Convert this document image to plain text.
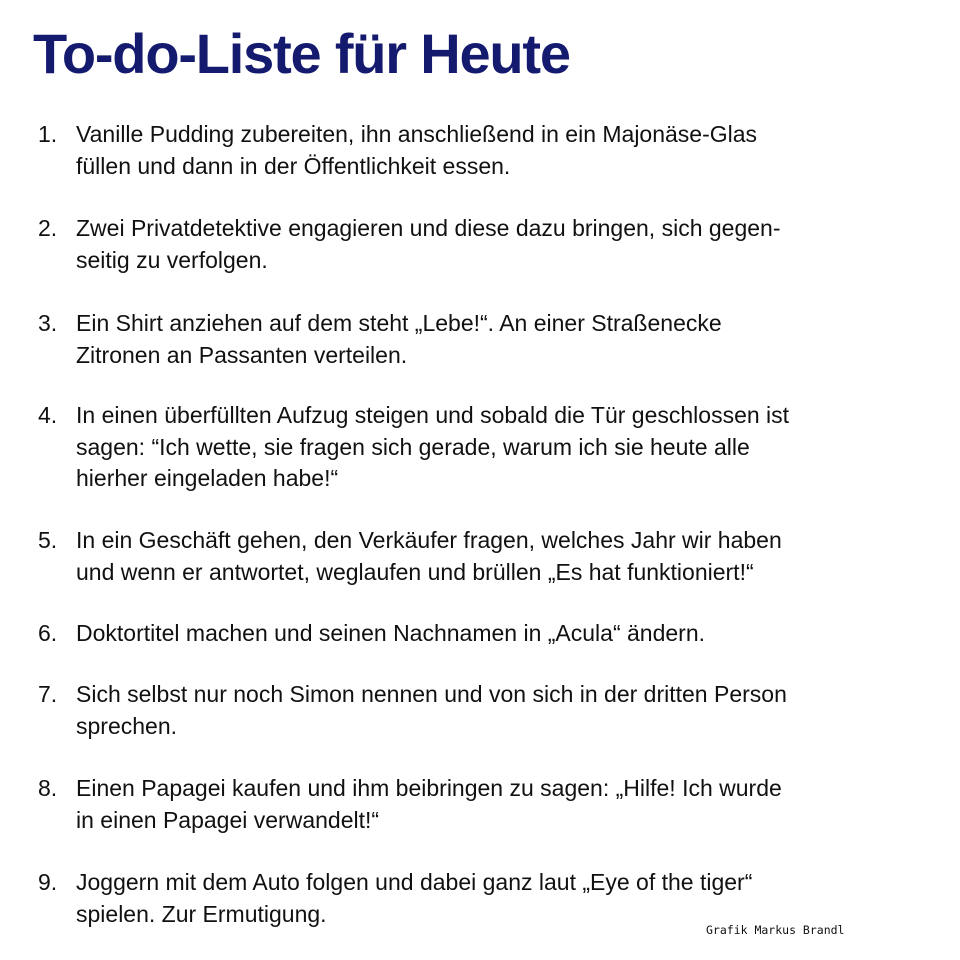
To-do-Liste für Heute
1. Vanille Pudding zubereiten, ihn anschließend in ein Majonäse-Glas
füllen und dann in der Öffentlichkeit essen.
2. Zwei Privatdetektive engagieren und diese dazu bringen, sich gegen-
seitig zu verfolgen.
3. Ein Shirt anziehen auf dem steht „Lebe!“. An einer Straßenecke
Zitronen an Passanten verteilen.
4. In einen überfüllten Aufzug steigen und sobald die Tür geschlossen ist
sagen: “Ich wette, sie fragen sich gerade, warum ich sie heute alle
hierher eingeladen habe!“
5. In ein Geschäft gehen, den Verkäufer fragen, welches Jahr wir haben
und wenn er antwortet, weglaufen und brüllen „Es hat funktioniert!“
6. Doktortitel machen und seinen Nachnamen in „Acula“ ändern.
7. Sich selbst nur noch Simon nennen und von sich in der dritten Person
sprechen.
8. Einen Papagei kaufen und ihm beibringen zu sagen: „Hilfe! Ich wurde
in einen Papagei verwandelt!“
9. Joggern mit dem Auto folgen und dabei ganz laut „Eye of the tiger“
spielen. Zur Ermutigung.
Grafik Markus Brandl
